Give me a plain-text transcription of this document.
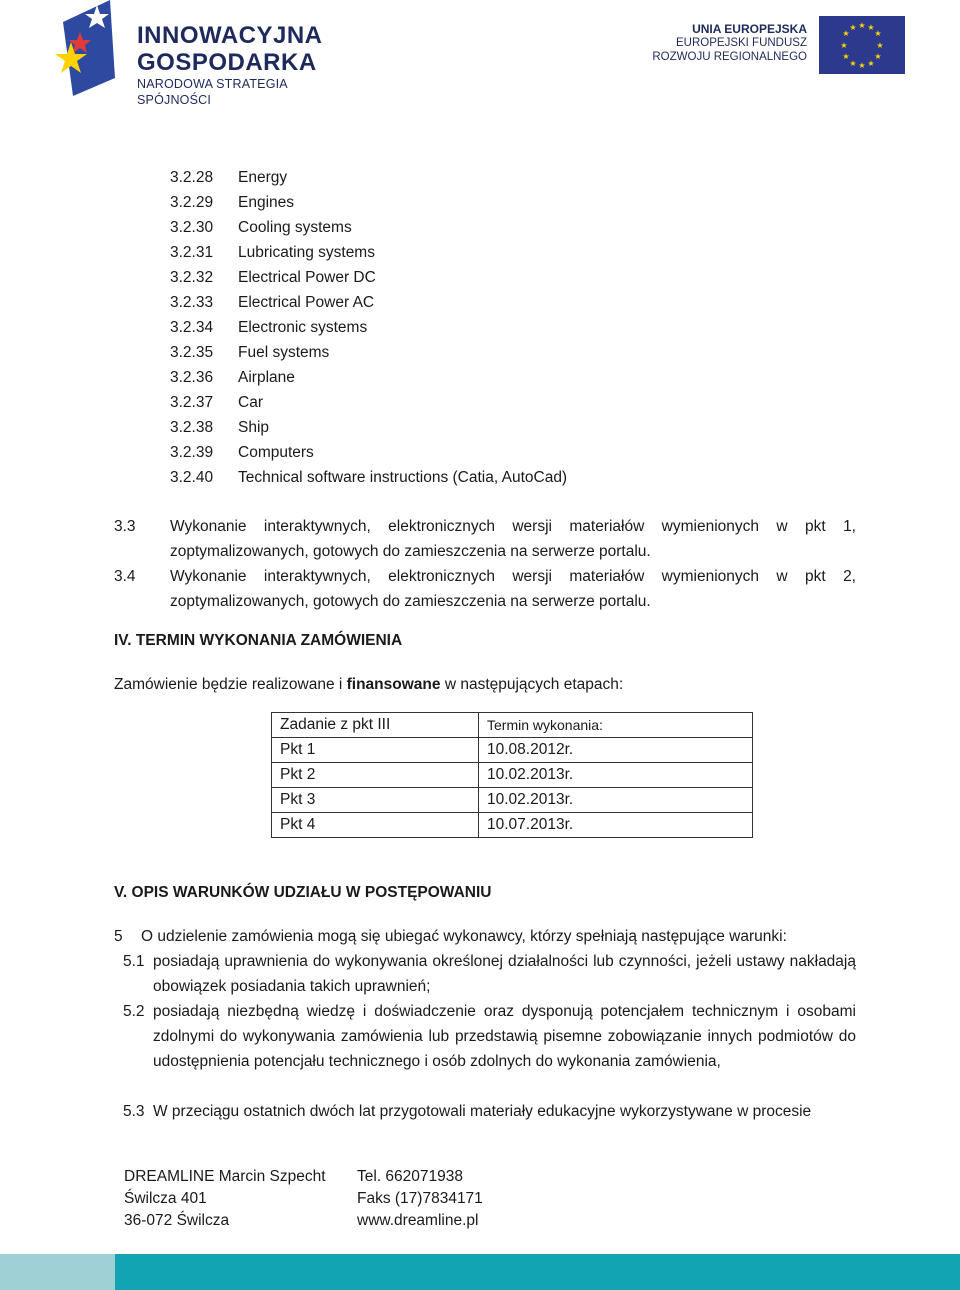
INNOWACYJNA
GOSPODARKA
NARODOWA STRATEGIA SPÓJNOŚCI
UNIA EUROPEJSKA
EUROPEJSKI FUNDUSZ
ROZWOJU REGIONALNEGO
★ ★
★
★
★
★
★
★
★
★
★
★
3.2.28 Energy
3.2.29 Engines
3.2.30 Cooling systems
3.2.31 Lubricating systems
3.2.32 Electrical Power DC
3.2.33 Electrical Power AC
3.2.34 Electronic systems
3.2.35 Fuel systems
3.2.36 Airplane
3.2.37 Car
3.2.38 Ship
3.2.39 Computers
3.2.40 Technical software instructions (Catia, AutoCad)
3.3 Wykonanie interaktywnych, elektronicznych wersji materiałów wymienionych w pkt 1, zoptymalizowanych, gotowych do zamieszczenia na serwerze portalu.
3.4 Wykonanie interaktywnych, elektronicznych wersji materiałów wymienionych w pkt 2, zoptymalizowanych, gotowych do zamieszczenia na serwerze portalu.
IV. TERMIN WYKONANIA ZAMÓWIENIA
Zamówienie będzie realizowane i finansowane w następujących etapach:
Zadanie z pkt III	Termin wykonania:
Pkt 1	10.08.2012r.
Pkt 2	10.02.2013r.
Pkt 3	10.02.2013r.
Pkt 4	10.07.2013r.
V. OPIS WARUNKÓW UDZIAŁU W POSTĘPOWANIU
5 O udzielenie zamówienia mogą się ubiegać wykonawcy, którzy spełniają następujące warunki:
5.1 posiadają uprawnienia do wykonywania określonej działalności lub czynności, jeżeli ustawy nakładają obowiązek posiadania takich uprawnień;
5.2 posiadają niezbędną wiedzę i doświadczenie oraz dysponują potencjałem technicznym i osobami zdolnymi do wykonywania zamówienia lub przedstawią pisemne zobowiązanie innych podmiotów do udostępnienia potencjału technicznego i osób zdolnych do wykonania zamówienia,
5.3 W przeciągu ostatnich dwóch lat przygotowali materiały edukacyjne wykorzystywane w procesie
DREAMLINE Marcin Szpecht
Świlcza 401
36-072 Świlcza
Tel. 662071938
Faks (17)7834171
www.dreamline.pl
